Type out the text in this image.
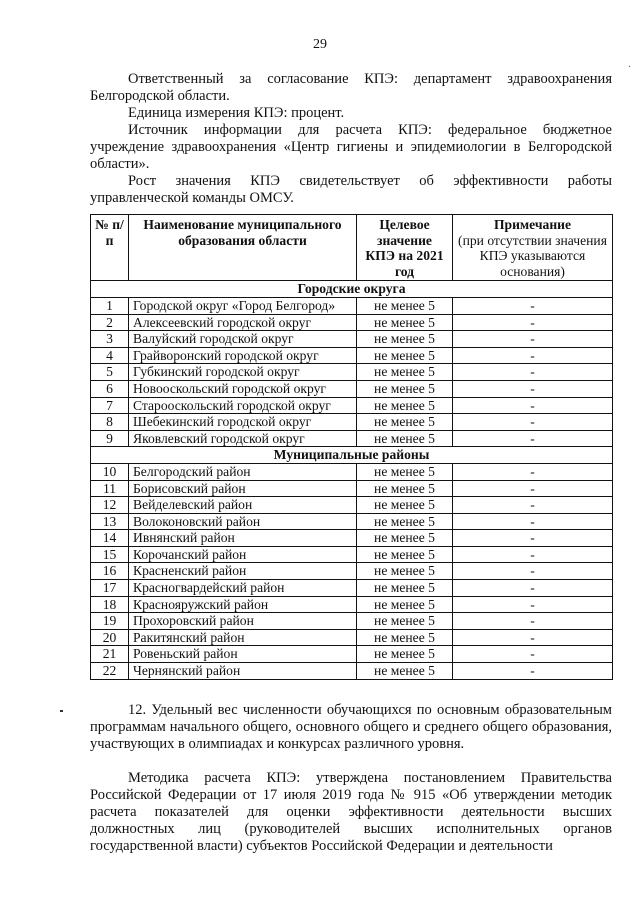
29
·
Ответственный за согласование КПЭ: департамент здравоохранения Белгородской области.
Единица измерения КПЭ: процент.
Источник информации для расчета КПЭ: федеральное бюджетное учреждение здравоохранения «Центр гигиены и эпидемиологии в Белгородской области».
Рост значения КПЭ свидетельствует об эффективности работы управленческой команды ОМСУ.
№ п/п	Наименование муниципального образования области	Целевое значение КПЭ на 2021 год	Примечание
(при отсутствии значения КПЭ указываются основания)
Городские округа			
1	Городской округ «Город Белгород»	не менее 5	-
2	Алексеевский городской округ	не менее 5	-
3	Валуйский городской округ	не менее 5	-
4	Грайворонский городской округ	не менее 5	-
5	Губкинский городской округ	не менее 5	-
6	Новооскольский городской округ	не менее 5	-
7	Старооскольский городской округ	не менее 5	-
8	Шебекинский городской округ	не менее 5	-
9	Яковлевский городской округ	не менее 5	-
Муниципальные районы			
10	Белгородский район	не менее 5	-
11	Борисовский район	не менее 5	-
12	Вейделевский район	не менее 5	-
13	Волоконовский район	не менее 5	-
14	Ивнянский район	не менее 5	-
15	Корочанский район	не менее 5	-
16	Красненский район	не менее 5	-
17	Красногвардейский район	не менее 5	-
18	Краснояружский район	не менее 5	-
19	Прохоровский район	не менее 5	-
20	Ракитянский район	не менее 5	-
21	Ровеньский район	не менее 5	-
22	Чернянский район	не менее 5	-
12. Удельный вес численности обучающихся по основным образовательным программам начального общего, основного общего и среднего общего образования, участвующих в олимпиадах и конкурсах различного уровня.
Методика расчета КПЭ: утверждена постановлением Правительства Российской Федерации от 17 июля 2019 года № 915 «Об утверждении методик расчета показателей для оценки эффективности деятельности высших должностных лиц (руководителей высших исполнительных органов государственной власти) субъектов Российской Федерации и деятельности
